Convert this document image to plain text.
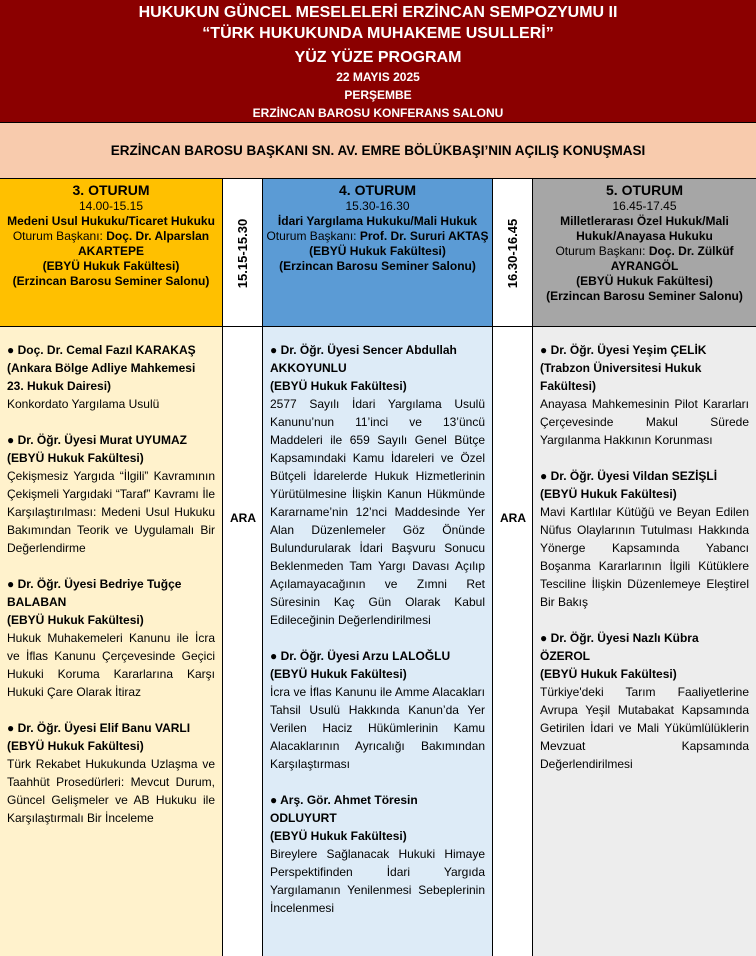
HUKUKUN GÜNCEL MESELELERİ ERZİNCAN SEMPOZYUMU II
“TÜRK HUKUKUNDA MUHAKEME USULLERİ”
YÜZ YÜZE PROGRAM
22 MAYIS 2025
PERŞEMBE
ERZİNCAN BAROSU KONFERANS SALONU
ERZİNCAN BAROSU BAŞKANI SN. AV. EMRE BÖLÜKBAŞI’NIN AÇILIŞ KONUŞMASI
3. OTURUM
14.00-15.15
Medeni Usul Hukuku/Ticaret Hukuku
Oturum Başkanı: Doç. Dr. Alparslan AKARTEPE
(EBYÜ Hukuk Fakültesi)
(Erzincan Barosu Seminer Salonu)
● Doç. Dr. Cemal Fazıl KARAKAŞ
(Ankara Bölge Adliye Mahkemesi 23. Hukuk Dairesi)
Konkordato Yargılama Usulü
● Dr. Öğr. Üyesi Murat UYUMAZ
(EBYÜ Hukuk Fakültesi)
Çekişmesiz Yargıda “İlgili” Kavramının Çekişmeli Yargıdaki “Taraf” Kavramı İle Karşılaştırılması: Medeni Usul Hukuku Bakımından Teorik ve Uygulamalı Bir Değerlendirme
● Dr. Öğr. Üyesi Bedriye Tuğçe BALABAN
(EBYÜ Hukuk Fakültesi)
Hukuk Muhakemeleri Kanunu ile İcra ve İflas Kanunu Çerçevesinde Geçici Hukuki Koruma Kararlarına Karşı Hukuki Çare Olarak İtiraz
● Dr. Öğr. Üyesi Elif Banu VARLI
(EBYÜ Hukuk Fakültesi)
Türk Rekabet Hukukunda Uzlaşma ve Taahhüt Prosedürleri: Mevcut Durum, Güncel Gelişmeler ve AB Hukuku ile Karşılaştırmalı Bir İnceleme
15.15-15.30
ARA
4. OTURUM
15.30-16.30
İdari Yargılama Hukuku/Mali Hukuk
Oturum Başkanı: Prof. Dr. Sururi AKTAŞ
(EBYÜ Hukuk Fakültesi)
(Erzincan Barosu Seminer Salonu)
● Dr. Öğr. Üyesi Sencer Abdullah AKKOYUNLU
(EBYÜ Hukuk Fakültesi)
2577 Sayılı İdari Yargılama Usulü Kanunu’nun 11’inci ve 13’üncü Maddeleri ile 659 Sayılı Genel Bütçe Kapsamındaki Kamu İdareleri ve Özel Bütçeli İdarelerde Hukuk Hizmetlerinin Yürütülmesine İlişkin Kanun Hükmünde Kararname’nin 12’nci Maddesinde Yer Alan Düzenlemeler Göz Önünde Bulundurularak İdari Başvuru Sonucu Beklenmeden Tam Yargı Davası Açılıp Açılamayacağının ve Zımni Ret Süresinin Kaç Gün Olarak Kabul Edileceğinin Değerlendirilmesi
● Dr. Öğr. Üyesi Arzu LALOĞLU
(EBYÜ Hukuk Fakültesi)
İcra ve İflas Kanunu ile Amme Alacakları Tahsil Usulü Hakkında Kanun’da Yer Verilen Haciz Hükümlerinin Kamu Alacaklarının Ayrıcalığı Bakımından Karşılaştırması
● Arş. Gör. Ahmet Töresin ODLUYURT
(EBYÜ Hukuk Fakültesi)
Bireylere Sağlanacak Hukuki Himaye Perspektifinden İdari Yargıda Yargılamanın Yenilenmesi Sebeplerinin İncelenmesi
16.30-16.45
ARA
5. OTURUM
16.45-17.45
Milletlerarası Özel Hukuk/Mali Hukuk/Anayasa Hukuku
Oturum Başkanı: Doç. Dr. Zülküf AYRANGÖL
(EBYÜ Hukuk Fakültesi)
(Erzincan Barosu Seminer Salonu)
● Dr. Öğr. Üyesi Yeşim ÇELİK
(Trabzon Üniversitesi Hukuk Fakültesi)
Anayasa Mahkemesinin Pilot Kararları Çerçevesinde Makul Sürede Yargılanma Hakkının Korunması
● Dr. Öğr. Üyesi Vildan SEZİŞLİ
(EBYÜ Hukuk Fakültesi)
Mavi Kartlılar Kütüğü ve Beyan Edilen Nüfus Olaylarının Tutulması Hakkında Yönerge Kapsamında Yabancı Boşanma Kararlarının İlgili Kütüklere Tesciline İlişkin Düzenlemeye Eleştirel Bir Bakış
● Dr. Öğr. Üyesi Nazlı Kübra ÖZEROL
(EBYÜ Hukuk Fakültesi)
Türkiye'deki Tarım Faaliyetlerine Avrupa Yeşil Mutabakat Kapsamında Getirilen İdari ve Mali Yükümlülüklerin Mevzuat Kapsamında Değerlendirilmesi
